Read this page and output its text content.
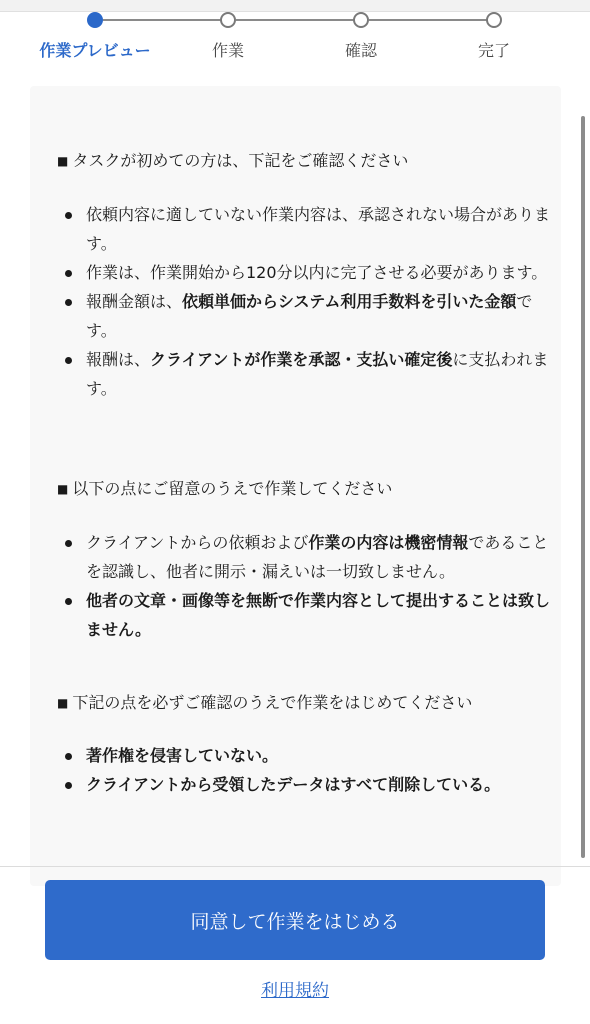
作業プレビュー	作業	確認	完了
■ タスクが初めての方は、下記をご確認ください
依頼内容に適していない作業内容は、承認されない場合があります。
作業は、作業開始から120分以内に完了させる必要があります。
報酬金額は、依頼単価からシステム利用手数料を引いた金額です。
報酬は、クライアントが作業を承認・支払い確定後に支払われます。
■ 以下の点にご留意のうえで作業してください
クライアントからの依頼および作業の内容は機密情報であることを認識し、他者に開示・漏えいは一切致しません。
他者の文章・画像等を無断で作業内容として提出することは致しません。
■ 下記の点を必ずご確認のうえで作業をはじめてください
著作権を侵害していない。
クライアントから受領したデータはすべて削除している。
同意して作業をはじめる
利用規約
